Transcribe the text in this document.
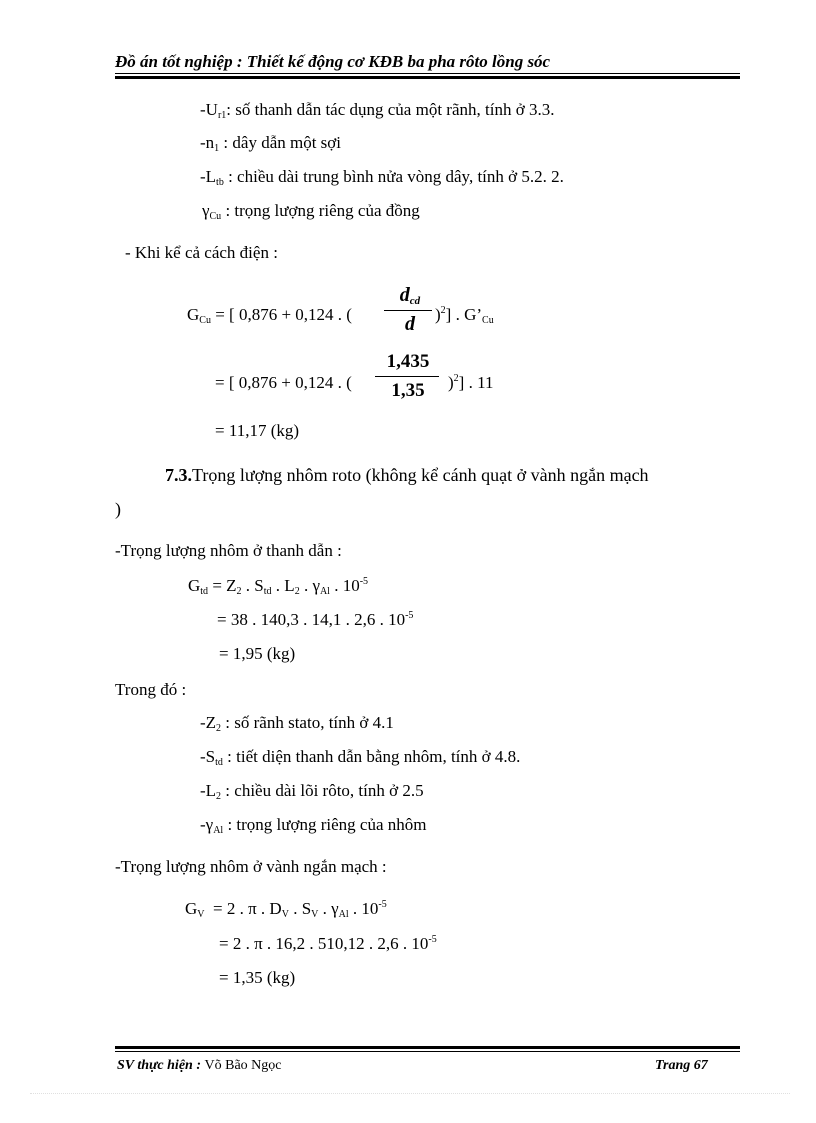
Đồ án tốt nghiệp : Thiết kế động cơ KĐB ba pha rôto lồng sóc
$-U_{r1}$: số thanh dẫn tác dụng của một rãnh, tính ở 3.3.
$-n_1$ : dây dẫn một sợi
$-L_{tb}$ : chiều dài trung bình nửa vòng dây, tính ở 5.2. 2.
$\gamma_{Cu}$ : trọng lượng riêng của đồng
- Khi kể cả cách điện :
$G_{Cu}$ = [ 0,876 + 0,124 . (
$d_{cd}$
d	)$^2$] . $G’_{Cu}$
= [ 0,876 + 0,124 . (
1,435
1,35	)$^2$] . 11
= 11,17 (kg)
7.3.Trọng lượng nhôm roto (không kể cánh quạt ở vành ngắn mạch
)
-Trọng lượng nhôm ở thanh dẫn :
$G_{td} = Z_2$ . $S_{td}$ . $L_2$ . $\gamma_{Al}$ . $10^{-5}$
= 38 . 140,3 . 14,1 . 2,6 . $10^{-5}$
= 1,95 (kg)
Trong đó :
$-Z_2$ : số rãnh stato, tính ở 4.1
$-S_{td}$ : tiết diện thanh dẫn bằng nhôm, tính ở 4.8.
$-L_2$ : chiều dài lõi rôto, tính ở 2.5
$-\gamma_{Al}$ : trọng lượng riêng của nhôm
-Trọng lượng nhôm ở vành ngắn mạch :
$G_V = 2$ . π . $D_V$ . $S_V$ . $\gamma_{Al}$ . $10^{-5}$
= 2 . π . 16,2 . 510,12 . 2,6 . $10^{-5}$
= 1,35 (kg)
SV thực hiện : Võ Bão Ngọc	Trang 67
